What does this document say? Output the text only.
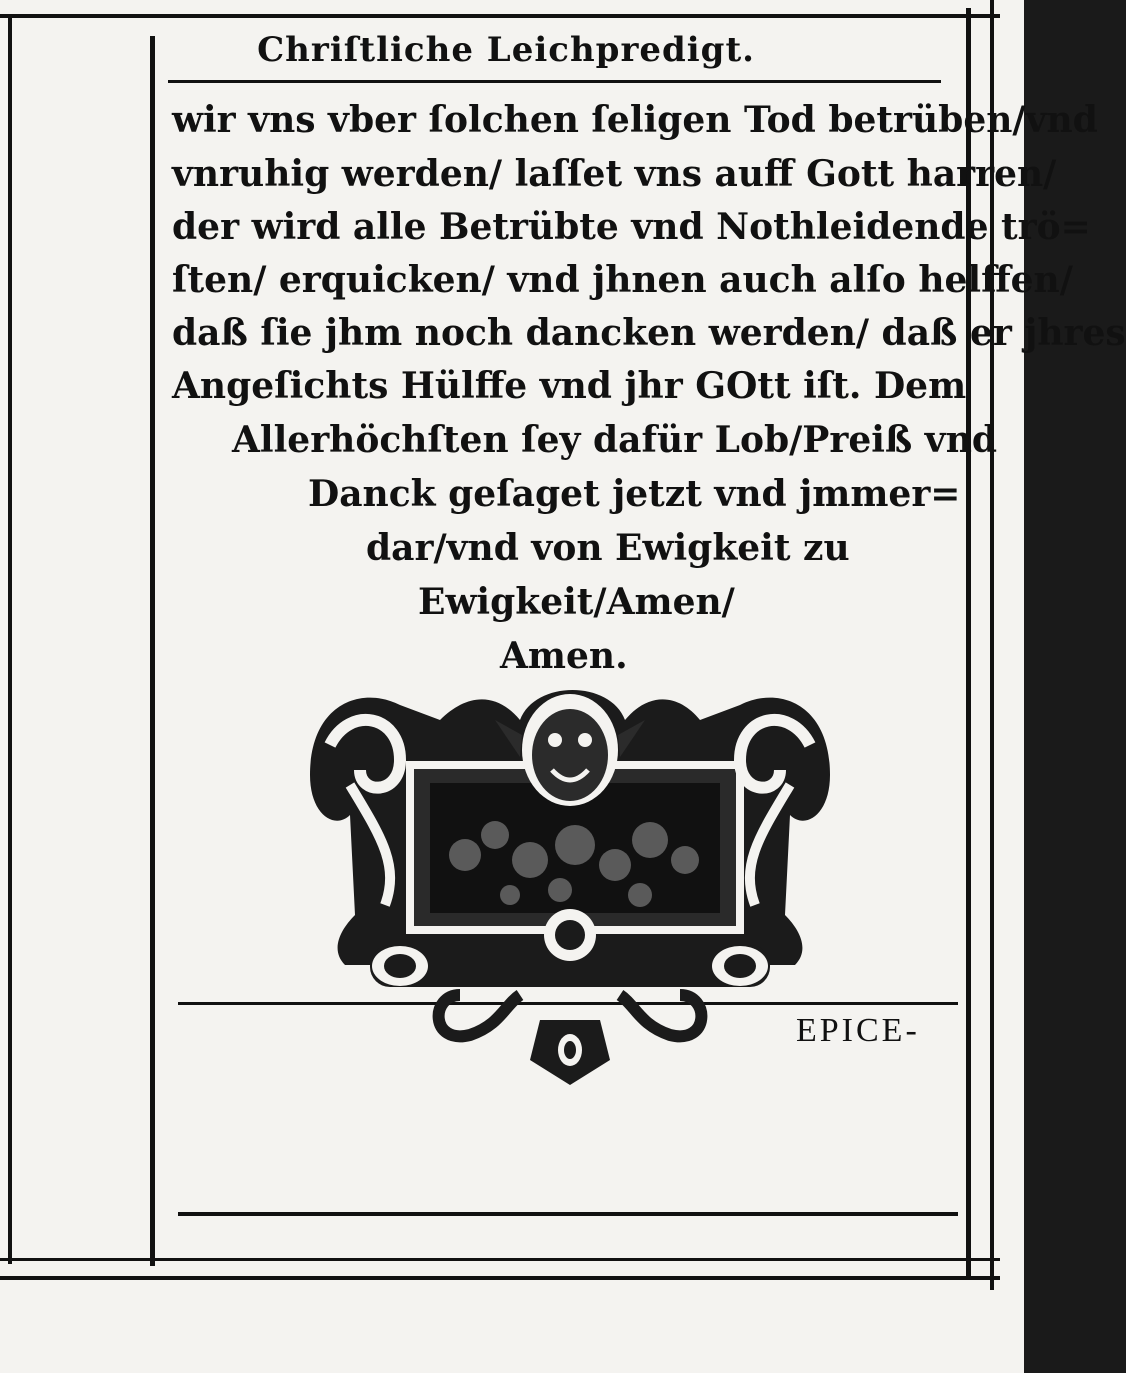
Chriſtliche Leichpredigt.
wir vns vber ſolchen ſeligen Tod betrüben/vnd
vnruhig werden/ laſſet vns auff Gott harren/
der wird alle Betrübte vnd Nothleidende trö=
ſten/ erquicken/ vnd jhnen auch alſo helffen/
daß ſie jhm noch dancken werden/ daß er jhres
Angeſichts Hülffe vnd jhr GOtt iſt. Dem
Allerhöchſten ſey dafür Lob/Preiß vnd
Danck geſaget jetzt vnd jmmer=
dar/vnd von Ewigkeit zu
Ewigkeit/Amen/
Amen.
EPICE-
